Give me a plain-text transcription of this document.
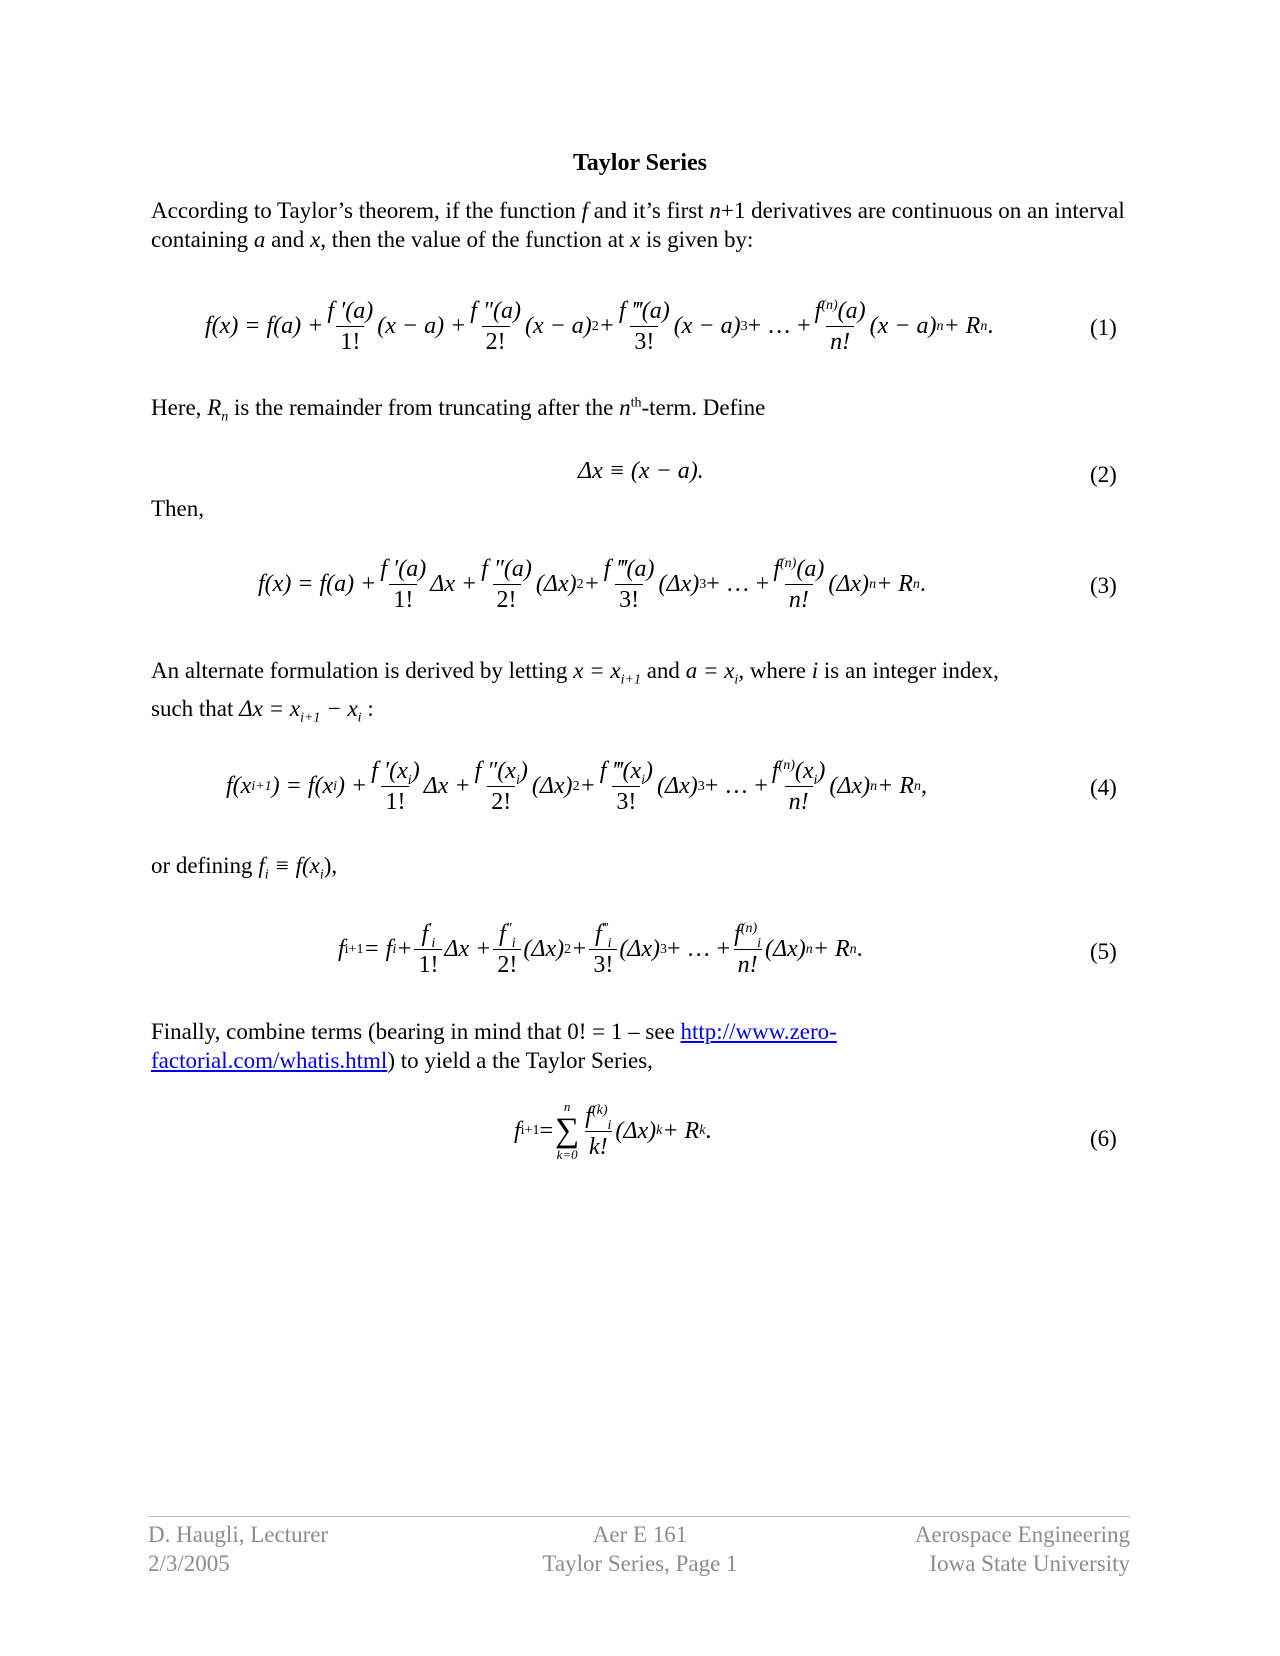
Taylor Series
According to Taylor’s theorem, if the function f and it’s first n+1 derivatives are continuous on an interval containing a and x, then the value of the function at x is given by:
$f(x) = f(a) + \frac{f '(a)}{1!} (x - a) + \frac{f ''(a)}{2!} (x - a) 2 + \frac{f ‴(a)}{3!} (x - a) 3$ + … + $\frac{f^{(n)}(a)}{n!} (x - a) n + R$ n .	(1)
Here, $R_n$ is the remainder from truncating after the $n^{th}$-term. Define
Δx ≡ (x − a).	(2)
Then,
$f(x) = f(a) + \frac{f '(a)}{1!}$ $\Delta x + \frac{f ''(a)}{2!} (\Delta x) 2 + \frac{f ‴(a)}{3!} (\Delta x) 3$ + … + $\frac{f^{(n)}(a)}{n!} (\Delta x) n + R$ n .	(3)
An alternate formulation is derived by letting $x = x_{i+1}$ and $a = x_i$, where i is an integer index,
such that $\Delta x = x_{i+1} - x_i$ :
f(x i+1 ) = f(x i ) + $\frac{f '(x_i)}{1!}$ $\Delta x + \frac{f ''(x_i)}{2!} (\Delta x) 2 + \frac{f ‴(x_i)}{3!} (\Delta x) 3$ + … + $\frac{f^{(n)}(x_i)}{n!} (\Delta x) n + R$ n ,	(4)
or defining $f_i \equiv f(x_i)$,
f i+1 = f $i + \frac{f'_i}{1!}$ $\Delta x + \frac{f''_i}{2!} (\Delta x) 2 + \frac{f^‴_i}{3!} (\Delta x) 3$ + … + $\frac{f^{(n)}_i}{n!} (\Delta x) n + R$ n .	(5)
Finally, combine terms (bearing in mind that 0! = 1 – see http://www.zero-factorial.com/whatis.html) to yield a the Taylor Series,
f i+1 =
n
∑
$k=0 \frac{f^{(k)}_i}{k!} (\Delta x) k + R$ k .	(6)
D. Haugli, Lecturer
2/3/2005
Aer E 161
Taylor Series, Page 1
Aerospace Engineering
Iowa State University
